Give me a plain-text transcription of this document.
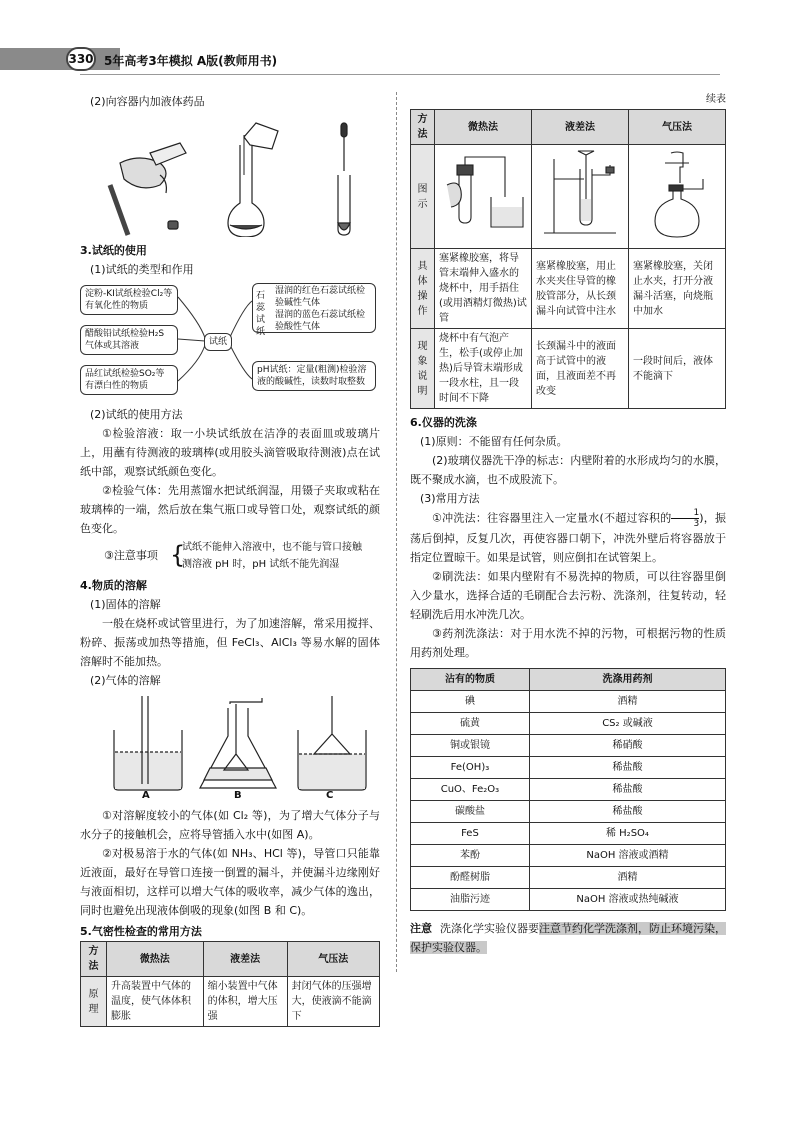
330 5年高考3年模拟 A版(教师用书)
(2)向容器内加液体药品
3.试纸的使用
(1)试纸的类型和作用
淀粉-KI试纸检验Cl₂等有氧化性的物质
醋酸铅试纸检验H₂S气体或其溶液
品红试纸检验SO₂等有漂白性的物质
试纸
石蕊试纸
湿润的红色石蕊试纸检验碱性气体
湿润的蓝色石蕊试纸检验酸性气体
pH试纸：定量(粗测)检验溶液的酸碱性，读数时取整数
(2)试纸的使用方法

①检验溶液：取一小块试纸放在洁净的表面皿或玻璃片上，用蘸有待测液的玻璃棒(或用胶头滴管吸取待测液)点在试纸中部，观察试纸颜色变化。

②检验气体：先用蒸馏水把试纸润湿，用镊子夹取或粘在玻璃棒的一端，然后放在集气瓶口或导管口处，观察试纸的颜色变化。

③注意事项 {
试纸不能伸入溶液中，也不能与管口接触
测溶液 pH 时，pH 试纸不能先润湿
4.物质的溶解
(1)固体的溶解

一般在烧杯或试管里进行，为了加速溶解，常采用搅拌、粉碎、振荡或加热等措施，但 FeCl₃、AlCl₃ 等易水解的固体溶解时不能加热。

(2)气体的溶解
A	B	C

①对溶解度较小的气体(如 Cl₂ 等)，为了增大气体分子与水分子的接触机会，应将导管插入水中(如图 A)。

②对极易溶于水的气体(如 NH₃、HCl 等)，导管口只能靠近液面，最好在导管口连接一倒置的漏斗，并使漏斗边缘刚好与液面相切，这样可以增大气体的吸收率，减少气体的逸出，同时也避免出现液体倒吸的现象(如图 B 和 C)。

5.气密性检查的常用方法
方法	微热法	液差法	气压法
原理	升高装置中气体的温度，使气体体积膨胀	缩小装置中气体的体积，增大压强	封闭气体的压强增大，使液滴不能滴下
续表
方法	微热法	液差法	气压法
图示			
具体操作	塞紧橡胶塞，将导管末端伸入盛水的烧杯中，用手捂住(或用酒精灯微热)试管	塞紧橡胶塞，用止水夹夹住导管的橡胶管部分，从长颈漏斗向试管中注水	塞紧橡胶塞，关闭止水夹，打开分液漏斗活塞，向烧瓶中加水
现象说明	烧杯中有气泡产生，松手(或停止加热)后导管末端形成一段水柱，且一段时间不下降	长颈漏斗中的液面高于试管中的液面，且液面差不再改变	一段时间后，液体不能滴下
6.仪器的洗涤
(1)原则：不能留有任何杂质。

(2)玻璃仪器洗干净的标志：内壁附着的水形成均匀的水膜，既不聚成水滴，也不成股流下。

(3)常用方法

①冲洗法：往容器里注入一定量水(不超过容积的 $\frac{1}{3}$ )，振荡后倒掉，反复几次，再使容器口朝下，冲洗外壁后将容器放于指定位置晾干。如果是试管，则应倒扣在试管架上。

②刷洗法：如果内壁附有不易洗掉的物质，可以往容器里倒入少量水，选择合适的毛刷配合去污粉、洗涤剂，往复转动，轻轻刷洗后用水冲洗几次。

③药剂洗涤法：对于用水洗不掉的污物，可根据污物的性质用药剂处理。

沾有的物质	洗涤用药剂
碘	酒精
硫黄	CS₂ 或碱液
铜或银镜	稀硝酸
Fe(OH)₃	稀盐酸
CuO、Fe₂O₃	稀盐酸
碳酸盐	稀盐酸
FeS	稀 H₂SO₄
苯酚	NaOH 溶液或酒精
酚醛树脂	酒精
油脂污迹	NaOH 溶液或热纯碱液
注意 洗涤化学实验仪器要注意节约化学洗涤剂，防止环境污染，保护实验仪器。
